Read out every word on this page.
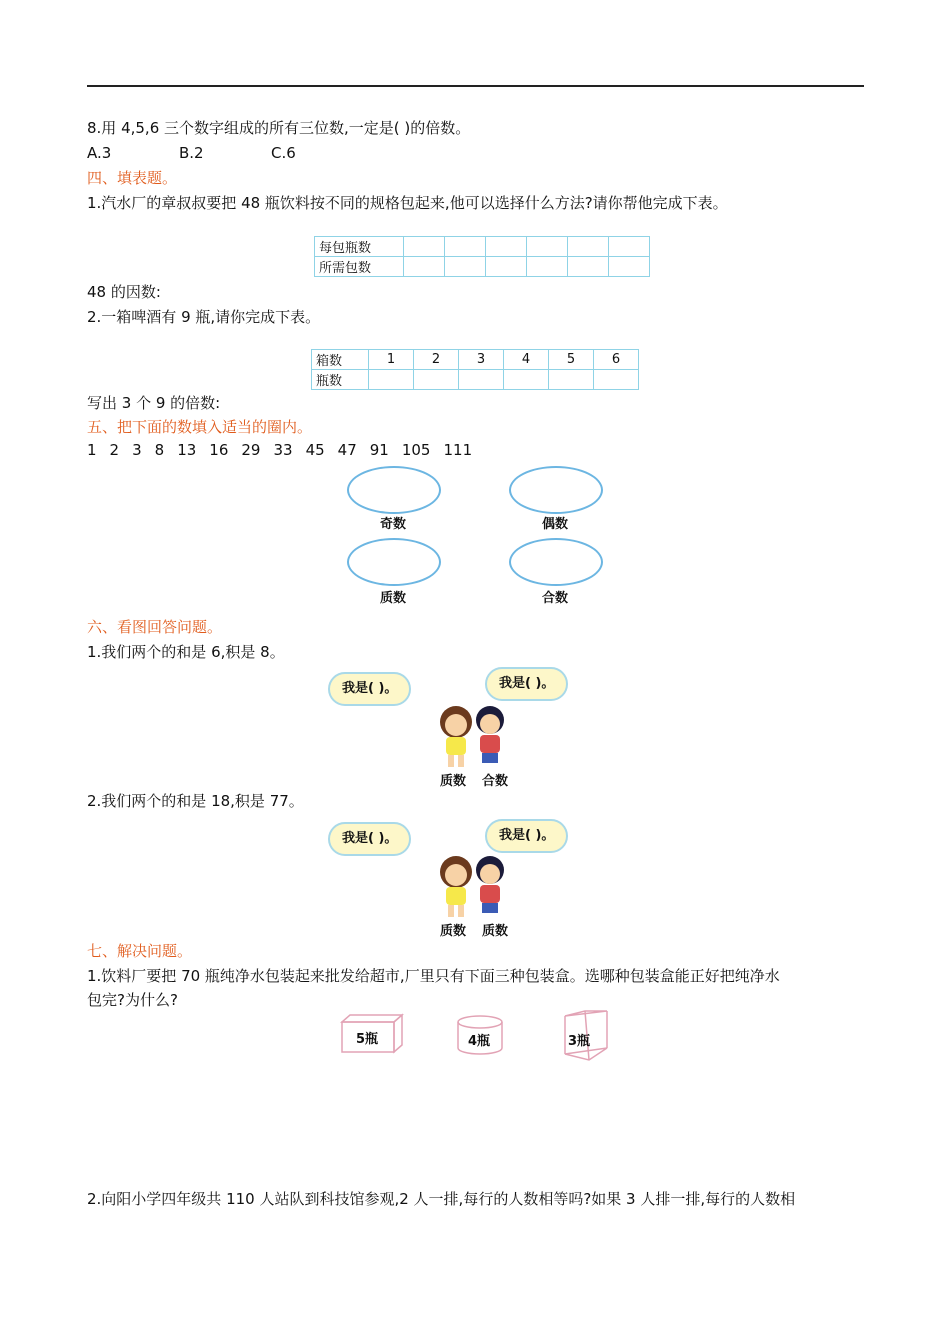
8.用 4,5,6 三个数字组成的所有三位数,一定是( )的倍数。
A.3	B.2	C.6
四、填表题。
1.汽水厂的章叔叔要把 48 瓶饮料按不同的规格包起来,他可以选择什么方法?请你帮他完成下表。
每包瓶数						
所需包数						
48 的因数:
2.一箱啤酒有 9 瓶,请你完成下表。
箱数	1	2	3	4	5	6
瓶数						
写出 3 个 9 的倍数:
五、把下面的数填入适当的圈内。
1 2 3 8 13 16 29 33 45 47 91 105 111
奇数	偶数
质数	合数
六、看图回答问题。
1.我们两个的和是 6,积是 8。
我是( )。	我是( )。
质数 合数
2.我们两个的和是 18,积是 77。
我是( )。	我是( )。
质数 质数
七、解决问题。
1.饮料厂要把 70 瓶纯净水包装起来批发给超市,厂里只有下面三种包装盒。选哪种包装盒能正好把纯净水
包完?为什么?
5瓶	4瓶	3瓶
2.向阳小学四年级共 110 人站队到科技馆参观,2 人一排,每行的人数相等吗?如果 3 人排一排,每行的人数相
